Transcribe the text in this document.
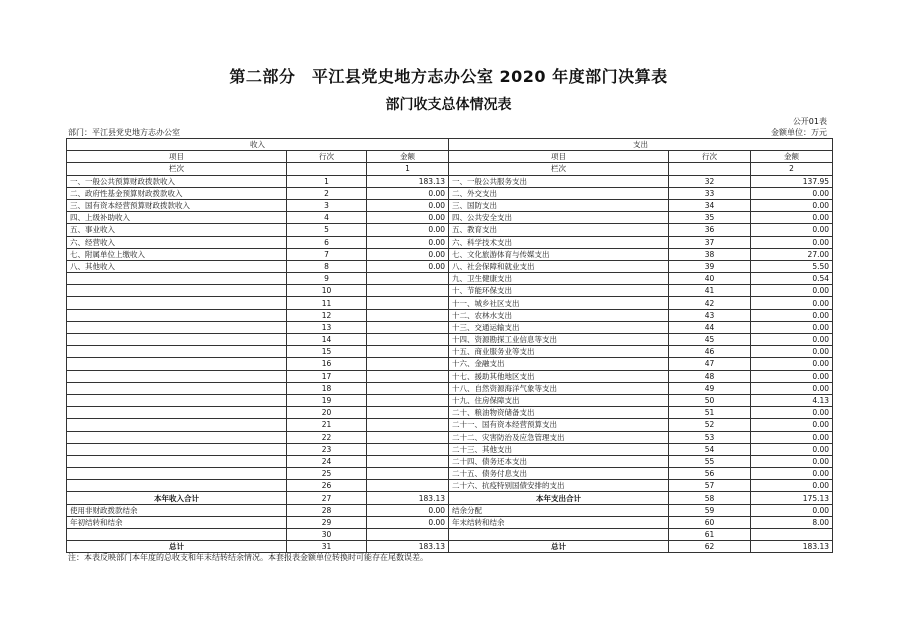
第二部分　平江县党史地方志办公室 2020 年度部门决算表
部门收支总体情况表
公开01表
部门：平江县党史地方志办公室	金额单位：万元
收入			支出		
项目	行次	金额	项目	行次	金额
栏次		1	栏次		2
一、一般公共预算财政拨款收入	1	183.13	一、一般公共服务支出	32	137.95
二、政府性基金预算财政拨款收入	2	0.00	二、外交支出	33	0.00
三、国有资本经营预算财政拨款收入	3	0.00	三、国防支出	34	0.00
四、上级补助收入	4	0.00	四、公共安全支出	35	0.00
五、事业收入	5	0.00	五、教育支出	36	0.00
六、经营收入	6	0.00	六、科学技术支出	37	0.00
七、附属单位上缴收入	7	0.00	七、文化旅游体育与传媒支出	38	27.00
八、其他收入	8	0.00	八、社会保障和就业支出	39	5.50
	9		九、卫生健康支出	40	0.54
	10		十、节能环保支出	41	0.00
	11		十一、城乡社区支出	42	0.00
	12		十二、农林水支出	43	0.00
	13		十三、交通运输支出	44	0.00
	14		十四、资源勘探工业信息等支出	45	0.00
	15		十五、商业服务业等支出	46	0.00
	16		十六、金融支出	47	0.00
	17		十七、援助其他地区支出	48	0.00
	18		十八、自然资源海洋气象等支出	49	0.00
	19		十九、住房保障支出	50	4.13
	20		二十、粮油物资储备支出	51	0.00
	21		二十一、国有资本经营预算支出	52	0.00
	22		二十二、灾害防治及应急管理支出	53	0.00
	23		二十三、其他支出	54	0.00
	24		二十四、债务还本支出	55	0.00
	25		二十五、债务付息支出	56	0.00
	26		二十六、抗疫特别国债安排的支出	57	0.00
本年收入合计	27	183.13	本年支出合计	58	175.13
使用非财政拨款结余	28	0.00	结余分配	59	0.00
年初结转和结余	29	0.00	年末结转和结余	60	8.00
	30			61	
总计	31	183.13	总计	62	183.13
注：本表反映部门本年度的总收支和年末结转结余情况。本套报表金额单位转换时可能存在尾数误差。
